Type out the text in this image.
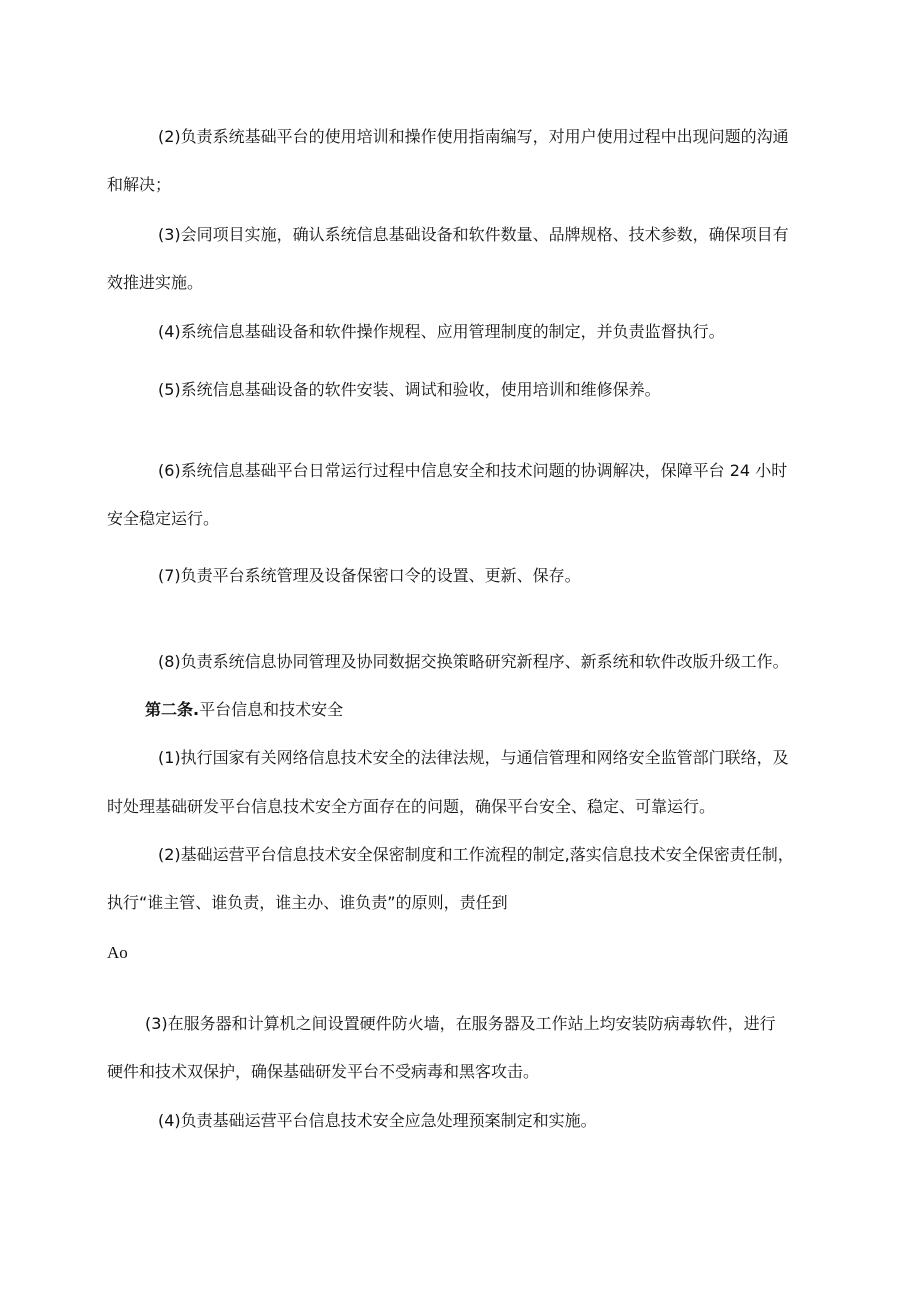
(2)负责系统基础平台的使用培训和操作使用指南编写，对用户使用过程中出现问题的沟通

和解决；

(3)会同项目实施，确认系统信息基础设备和软件数量、品牌规格、技术参数，确保项目有

效推进实施。

(4)系统信息基础设备和软件操作规程、应用管理制度的制定，并负责监督执行。

(5)系统信息基础设备的软件安装、调试和验收，使用培训和维修保养。

(6)系统信息基础平台日常运行过程中信息安全和技术问题的协调解决，保障平台 24 小时

安全稳定运行。

(7)负责平台系统管理及设备保密口令的设置、更新、保存。

(8)负责系统信息协同管理及协同数据交换策略研究新程序、新系统和软件改版升级工作。

第二条.平台信息和技术安全

(1)执行国家有关网络信息技术安全的法律法规，与通信管理和网络安全监管部门联络，及

时处理基础研发平台信息技术安全方面存在的问题，确保平台安全、稳定、可靠运行。

(2)基础运营平台信息技术安全保密制度和工作流程的制定,落实信息技术安全保密责任制，

执行“谁主管、谁负责，谁主办、谁负责”的原则，责任到

Ao

(3)在服务器和计算机之间设置硬件防火墙，在服务器及工作站上均安装防病毒软件，进行

硬件和技术双保护，确保基础研发平台不受病毒和黑客攻击。

(4)负责基础运营平台信息技术安全应急处理预案制定和实施。
